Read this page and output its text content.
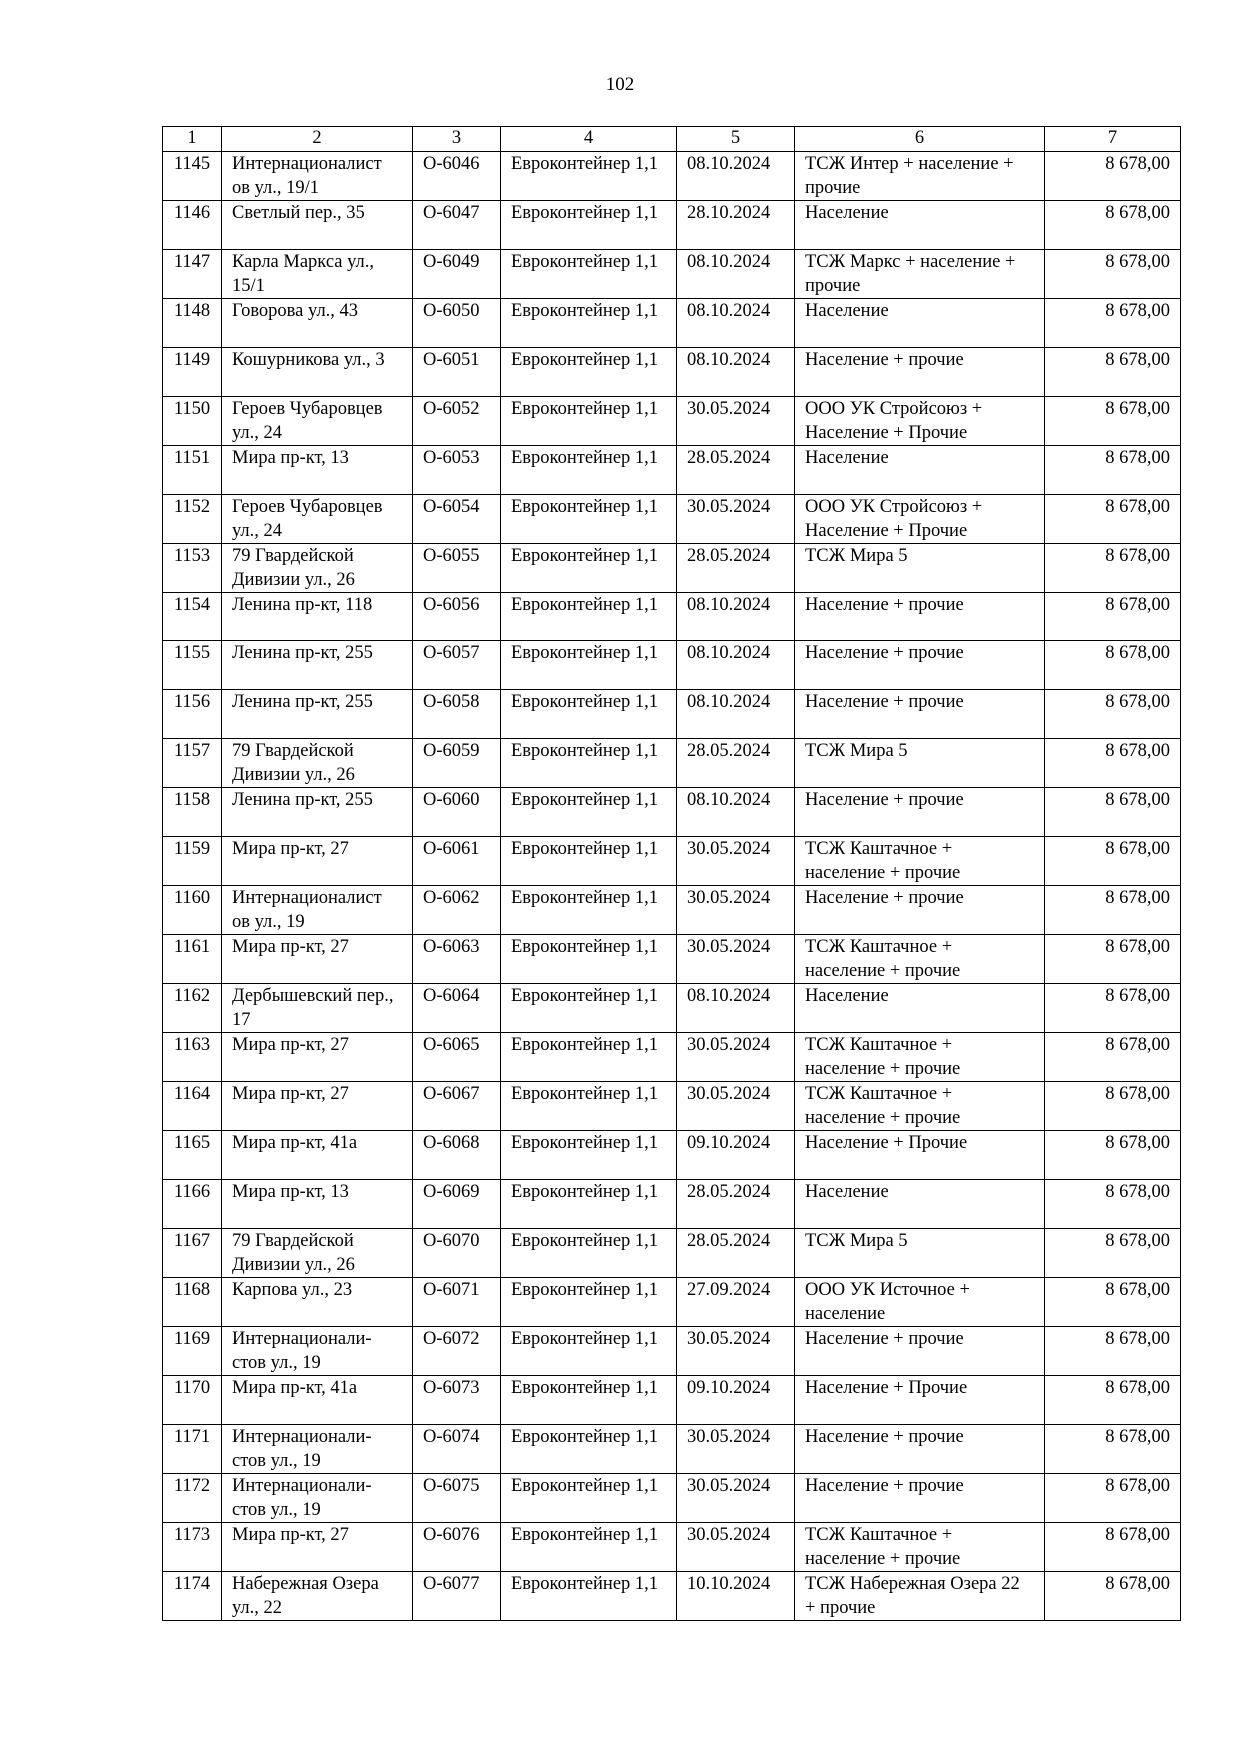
102
1	2	3	4	5	6	7
1145	Интернационалист ов ул., 19/1	О-6046	Евроконтейнер 1,1	08.10.2024	ТСЖ Интер + население + прочие	8 678,00
1146	Светлый пер., 35	О-6047	Евроконтейнер 1,1	28.10.2024	Население	8 678,00
1147	Карла Маркса ул., 15/1	О-6049	Евроконтейнер 1,1	08.10.2024	ТСЖ Маркс + население + прочие	8 678,00
1148	Говорова ул., 43	О-6050	Евроконтейнер 1,1	08.10.2024	Население	8 678,00
1149	Кошурникова ул., 3	О-6051	Евроконтейнер 1,1	08.10.2024	Население + прочие	8 678,00
1150	Героев Чубаровцев ул., 24	О-6052	Евроконтейнер 1,1	30.05.2024	ООО УК Стройсоюз + Население + Прочие	8 678,00
1151	Мира пр-кт, 13	О-6053	Евроконтейнер 1,1	28.05.2024	Население	8 678,00
1152	Героев Чубаровцев ул., 24	О-6054	Евроконтейнер 1,1	30.05.2024	ООО УК Стройсоюз + Население + Прочие	8 678,00
1153	79 Гвардейской Дивизии ул., 26	О-6055	Евроконтейнер 1,1	28.05.2024	ТСЖ Мира 5	8 678,00
1154	Ленина пр-кт, 118	О-6056	Евроконтейнер 1,1	08.10.2024	Население + прочие	8 678,00
1155	Ленина пр-кт, 255	О-6057	Евроконтейнер 1,1	08.10.2024	Население + прочие	8 678,00
1156	Ленина пр-кт, 255	О-6058	Евроконтейнер 1,1	08.10.2024	Население + прочие	8 678,00
1157	79 Гвардейской Дивизии ул., 26	О-6059	Евроконтейнер 1,1	28.05.2024	ТСЖ Мира 5	8 678,00
1158	Ленина пр-кт, 255	О-6060	Евроконтейнер 1,1	08.10.2024	Население + прочие	8 678,00
1159	Мира пр-кт, 27	О-6061	Евроконтейнер 1,1	30.05.2024	ТСЖ Каштачное + население + прочие	8 678,00
1160	Интернационалист ов ул., 19	О-6062	Евроконтейнер 1,1	30.05.2024	Население + прочие	8 678,00
1161	Мира пр-кт, 27	О-6063	Евроконтейнер 1,1	30.05.2024	ТСЖ Каштачное + население + прочие	8 678,00
1162	Дербышевский пер., 17	О-6064	Евроконтейнер 1,1	08.10.2024	Население	8 678,00
1163	Мира пр-кт, 27	О-6065	Евроконтейнер 1,1	30.05.2024	ТСЖ Каштачное + население + прочие	8 678,00
1164	Мира пр-кт, 27	О-6067	Евроконтейнер 1,1	30.05.2024	ТСЖ Каштачное + население + прочие	8 678,00
1165	Мира пр-кт, 41а	О-6068	Евроконтейнер 1,1	09.10.2024	Население + Прочие	8 678,00
1166	Мира пр-кт, 13	О-6069	Евроконтейнер 1,1	28.05.2024	Население	8 678,00
1167	79 Гвардейской Дивизии ул., 26	О-6070	Евроконтейнер 1,1	28.05.2024	ТСЖ Мира 5	8 678,00
1168	Карпова ул., 23	О-6071	Евроконтейнер 1,1	27.09.2024	ООО УК Источное + население	8 678,00
1169	Интернационали-стов ул., 19	О-6072	Евроконтейнер 1,1	30.05.2024	Население + прочие	8 678,00
1170	Мира пр-кт, 41а	О-6073	Евроконтейнер 1,1	09.10.2024	Население + Прочие	8 678,00
1171	Интернационали-стов ул., 19	О-6074	Евроконтейнер 1,1	30.05.2024	Население + прочие	8 678,00
1172	Интернационали-стов ул., 19	О-6075	Евроконтейнер 1,1	30.05.2024	Население + прочие	8 678,00
1173	Мира пр-кт, 27	О-6076	Евроконтейнер 1,1	30.05.2024	ТСЖ Каштачное + население + прочие	8 678,00
1174	Набережная Озера ул., 22	О-6077	Евроконтейнер 1,1	10.10.2024	ТСЖ Набережная Озера 22 + прочие	8 678,00
